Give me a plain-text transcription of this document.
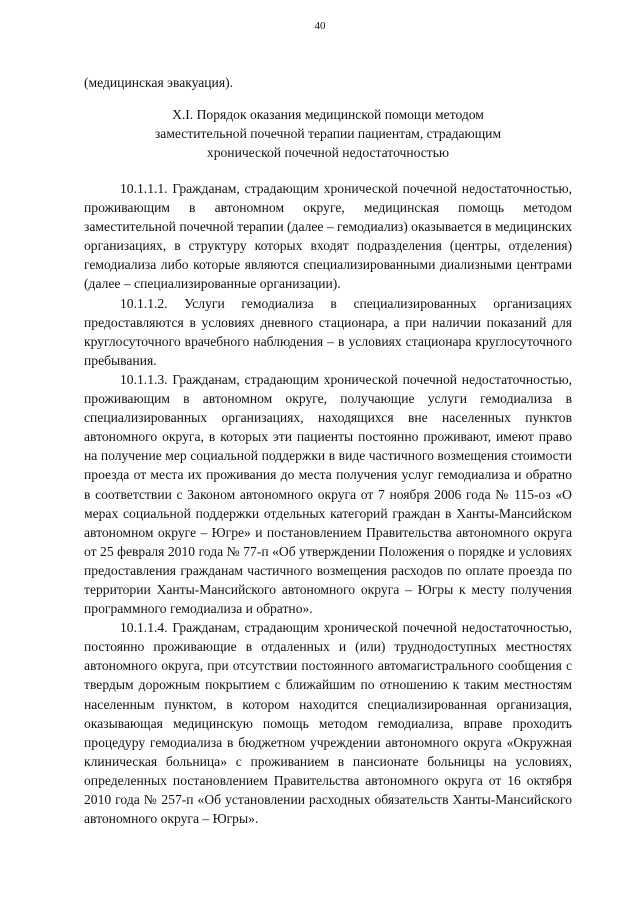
40

(медицинская эвакуация).

X.I. Порядок оказания медицинской помощи методом
заместительной почечной терапии пациентам, страдающим
хронической почечной недостаточностью

10.1.1.1. Гражданам, страдающим хронической почечной недостаточностью, проживающим в автономном округе, медицинская помощь методом заместительной почечной терапии (далее – гемодиализ) оказывается в медицинских организациях, в структуру которых входят подразделения (центры, отделения) гемодиализа либо которые являются специализированными диализными центрами (далее – специализированные организации).

10.1.1.2. Услуги гемодиализа в специализированных организациях предоставляются в условиях дневного стационара, а при наличии показаний для круглосуточного врачебного наблюдения – в условиях стационара круглосуточного пребывания.

10.1.1.3. Гражданам, страдающим хронической почечной недостаточностью, проживающим в автономном округе, получающие услуги гемодиализа в специализированных организациях, находящихся вне населенных пунктов автономного округа, в которых эти пациенты постоянно проживают, имеют право на получение мер социальной поддержки в виде частичного возмещения стоимости проезда от места их проживания до места получения услуг гемодиализа и обратно в соответствии с Законом автономного округа от 7 ноября 2006 года № 115-оз «О мерах социальной поддержки отдельных категорий граждан в Ханты-Мансийском автономном округе – Югре» и постановлением Правительства автономного округа от 25 февраля 2010 года № 77-п «Об утверждении Положения о порядке и условиях предоставления гражданам частичного возмещения расходов по оплате проезда по территории Ханты-Мансийского автономного округа – Югры к месту получения программного гемодиализа и обратно».

10.1.1.4. Гражданам, страдающим хронической почечной недостаточностью, постоянно проживающие в отдаленных и (или) труднодоступных местностях автономного округа, при отсутствии постоянного автомагистрального сообщения с твердым дорожным покрытием с ближайшим по отношению к таким местностям населенным пунктом, в котором находится специализированная организация, оказывающая медицинскую помощь методом гемодиализа, вправе проходить процедуру гемодиализа в бюджетном учреждении автономного округа «Окружная клиническая больница» с проживанием в пансионате больницы на условиях, определенных постановлением Правительства автономного округа от 16 октября 2010 года № 257-п «Об установлении расходных обязательств Ханты-Мансийского автономного округа – Югры».
